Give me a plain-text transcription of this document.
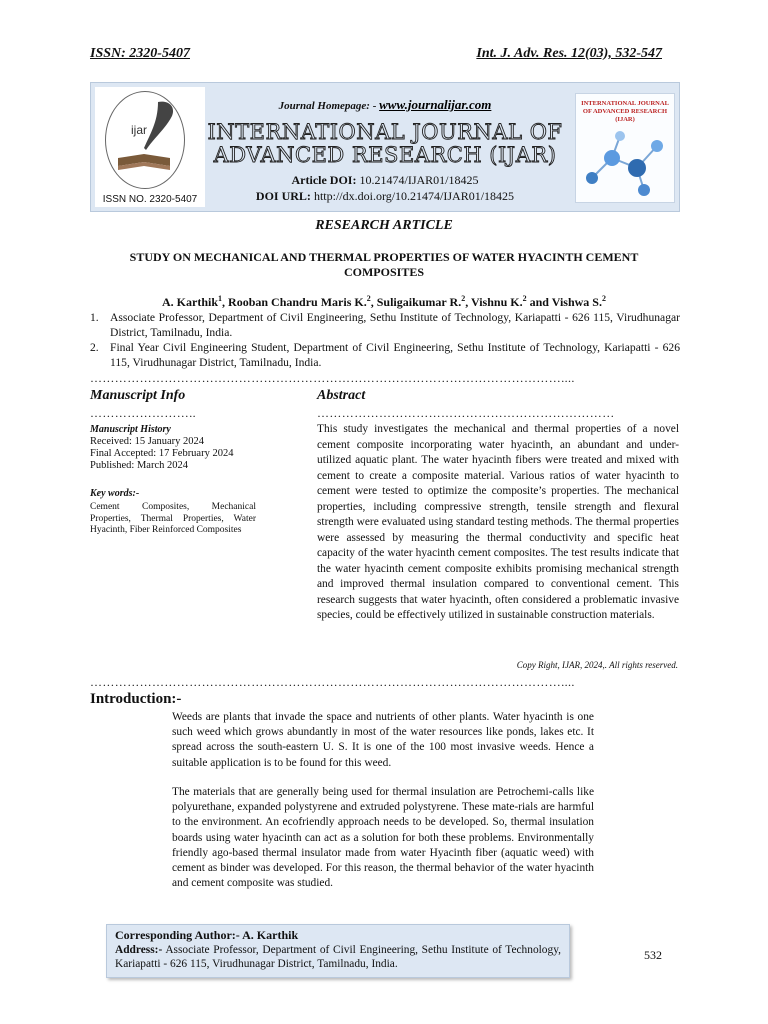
ISSN: 2320-5407	Int. J. Adv. Res. 12(03), 532-547
ijar
ISSN NO. 2320-5407
Journal Homepage: - www.journalijar.com
INTERNATIONAL JOURNAL OF
ADVANCED RESEARCH (IJAR)
Article DOI: 10.21474/IJAR01/18425
DOI URL: http://dx.doi.org/10.21474/IJAR01/18425
INTERNATIONAL JOURNAL OF ADVANCED RESEARCH (IJAR)
RESEARCH ARTICLE
STUDY ON MECHANICAL AND THERMAL PROPERTIES OF WATER HYACINTH CEMENT COMPOSITES
A. Karthik$^1$, Rooban Chandru Maris K.$^2$, Suligaikumar R.$^2$, Vishnu K.$^2$ and Vishwa S.$^2$
1. Associate Professor, Department of Civil Engineering, Sethu Institute of Technology, Kariapatti - 626 115, Virudhunagar District, Tamilnadu, India.
2. Final Year Civil Engineering Student, Department of Civil Engineering, Sethu Institute of Technology, Kariapatti - 626 115, Virudhunagar District, Tamilnadu, India.
……………………………………………………………………………………………………....
Manuscript Info
……………………..
Manuscript History
Received: 15 January 2024
Final Accepted: 17 February 2024
Published: March 2024
Key words:-
Cement Composites, Mechanical Properties, Thermal Properties, Water Hyacinth, Fiber Reinforced Composites
Abstract
………………………………………………………………
This study investigates the mechanical and thermal properties of a novel cement composite incorporating water hyacinth, an abundant and under-utilized aquatic plant. The water hyacinth fibers were treated and mixed with cement to create a composite material. Various ratios of water hyacinth to cement were tested to optimize the composite’s properties. The mechanical properties, including compressive strength, tensile strength and flexural strength were evaluated using standard testing methods. The thermal properties were assessed by measuring the thermal conductivity and specific heat capacity of the water hyacinth cement composites. The test results indicate that the water hyacinth cement composite exhibits promising mechanical strength and improved thermal insulation compared to conventional cement. This research suggests that water hyacinth, often considered a problematic invasive species, could be effectively utilized in sustainable construction materials.
Copy Right, IJAR, 2024,. All rights reserved.
……………………………………………………………………………………………………....
Introduction:-
Weeds are plants that invade the space and nutrients of other plants. Water hyacinth is one such weed which grows abundantly in most of the water resources like ponds, lakes etc. It spread across the south-eastern U. S. It is one of the 100 most invasive weeds. Hence a suitable application is to be found for this weed.
The materials that are generally being used for thermal insulation are Petrochemi-calls like polyurethane, expanded polystyrene and extruded polystyrene. These mate-rials are harmful to the environment. An ecofriendly approach needs to be developed. So, thermal insulation boards using water hyacinth can act as a solution for both these problems. Environmentally friendly ago-based thermal insulator made from water Hyacinth fiber (aquatic weed) with cement as binder was developed. For this reason, the thermal behavior of the water hyacinth and cement composite was studied.
Corresponding Author:- A. Karthik
Address:- Associate Professor, Department of Civil Engineering, Sethu Institute of Technology, Kariapatti - 626 115, Virudhunagar District, Tamilnadu, India.
532
